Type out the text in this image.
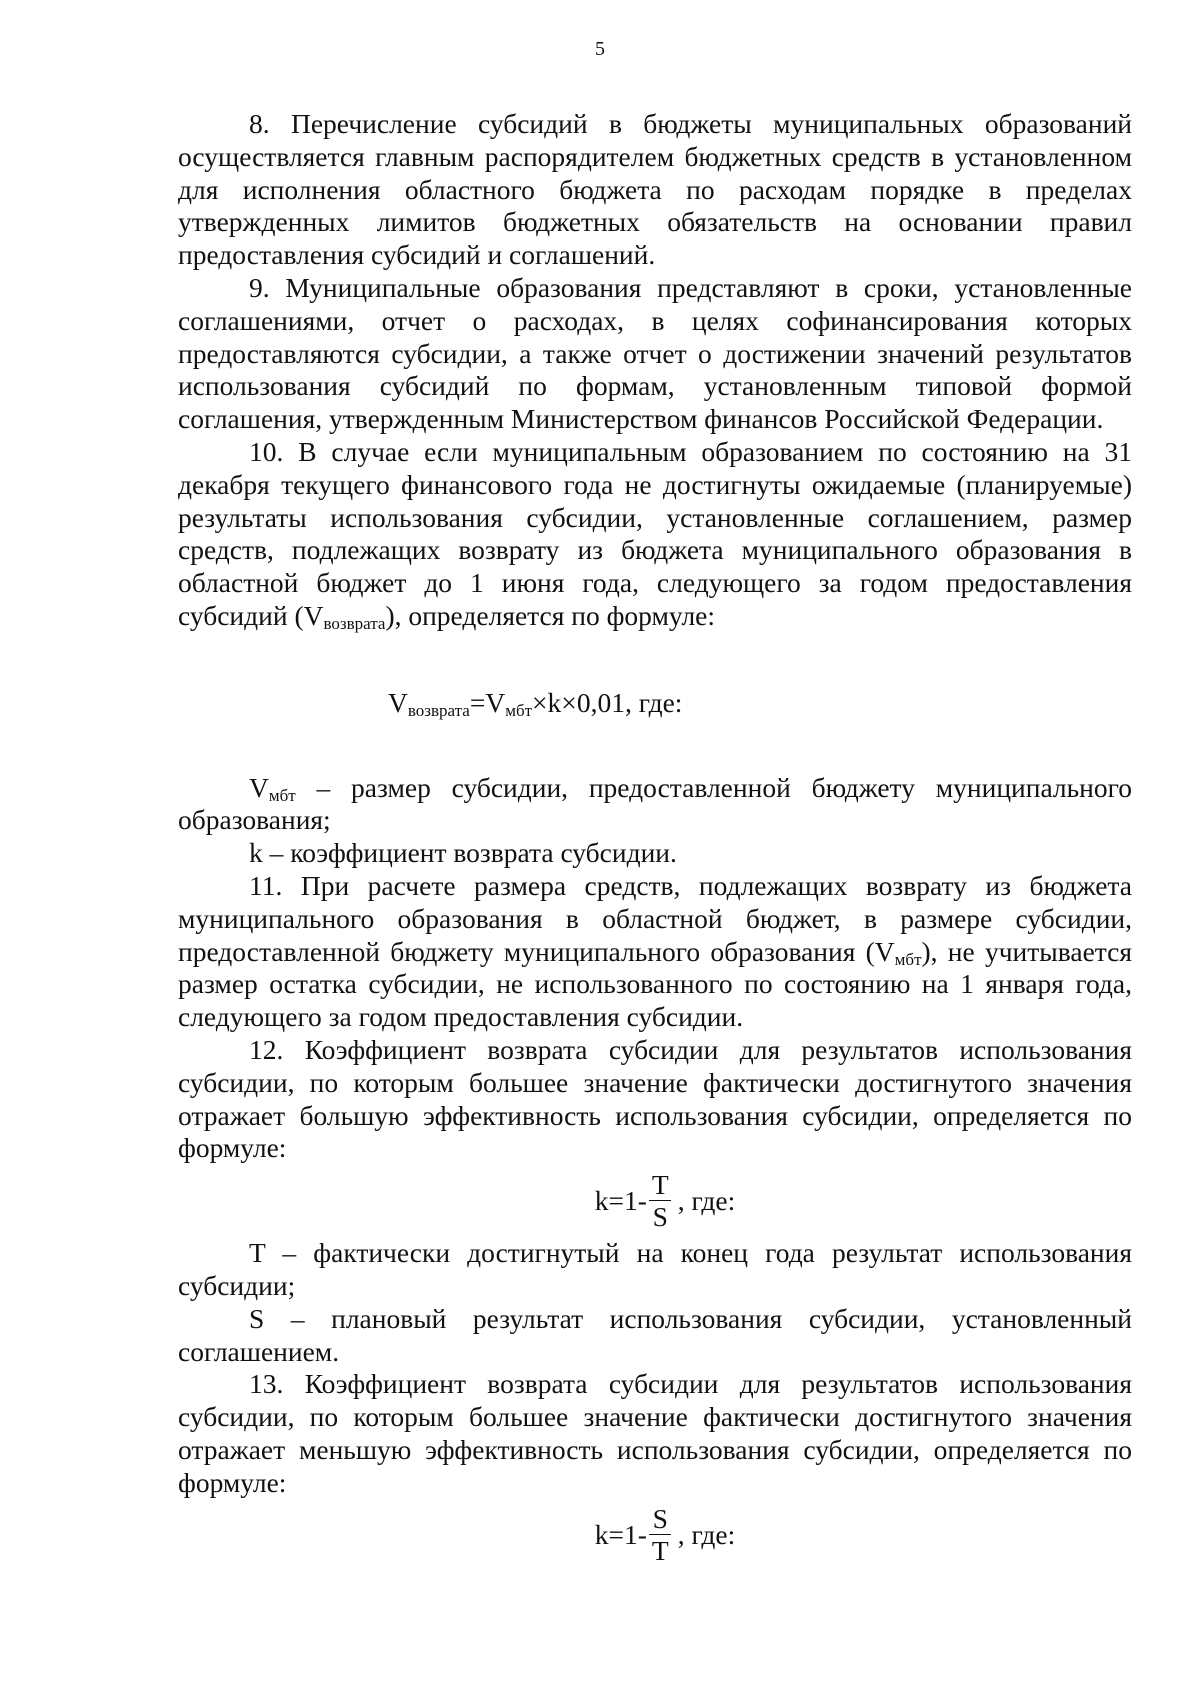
5

8. Перечисление субсидий в бюджеты муниципальных образований осуществляется главным распорядителем бюджетных средств в установленном для исполнения областного бюджета по расходам порядке в пределах утвержденных лимитов бюджетных обязательств на основании правил предоставления субсидий и соглашений.

9. Муниципальные образования представляют в сроки, установленные соглашениями, отчет о расходах, в целях софинансирования которых предоставляются субсидии, а также отчет о достижении значений результатов использования субсидий по формам, установленным типовой формой соглашения, утвержденным Министерством финансов Российской Федерации.

10. В случае если муниципальным образованием по состоянию на 31 декабря текущего финансового года не достигнуты ожидаемые (планируемые) результаты использования субсидии, установленные соглашением, размер средств, подлежащих возврату из бюджета муниципального образования в областной бюджет до 1 июня года, следующего за годом предоставления субсидий $(V_{возврата})$, определяется по формуле:

$V_{возврата}=V_{мбт}\times k\times 0,01$, где:

$V_{мбт}$ – размер субсидии, предоставленной бюджету муниципального образования;

k – коэффициент возврата субсидии.

11. При расчете размера средств, подлежащих возврату из бюджета муниципального образования в областной бюджет, в размере субсидии, предоставленной бюджету муниципального образования $(V_{мбт})$, не учитывается размер остатка субсидии, не использованного по состоянию на 1 января года, следующего за годом предоставления субсидии.

12. Коэффициент возврата субсидии для результатов использования субсидии, по которым большее значение фактически достигнутого значения отражает большую эффективность использования субсидии, определяется по формуле:

$k=1- \frac{T}{S}$ , где:

T – фактически достигнутый на конец года результат использования субсидии;

S – плановый результат использования субсидии, установленный соглашением.

13. Коэффициент возврата субсидии для результатов использования субсидии, по которым большее значение фактически достигнутого значения отражает меньшую эффективность использования субсидии, определяется по формуле:

$k=1- \frac{S}{T}$ , где:
